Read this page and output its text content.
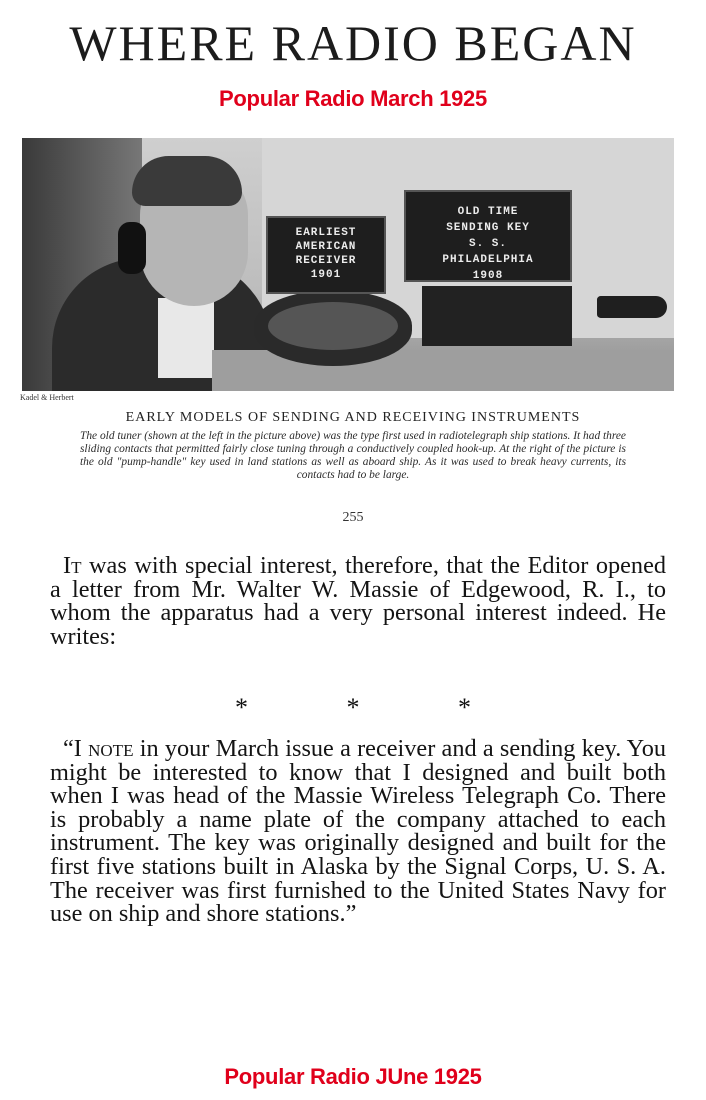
WHERE RADIO BEGAN
Popular Radio March 1925
EARLIEST
AMERICAN
RECEIVER
1901
OLD TIME
SENDING KEY
S. S.
PHILADELPHIA
1908
Kadel & Herbert
EARLY MODELS OF SENDING AND RECEIVING INSTRUMENTS
The old tuner (shown at the left in the picture above) was the type first used in radiotelegraph ship stations. It had three sliding contacts that permitted fairly close tuning through a conductively coupled hook-up. At the right of the picture is the old "pump-handle" key used in land stations as well as aboard ship. As it was used to break heavy currents, its contacts had to be large.
255

It was with special interest, therefore, that the Editor opened a letter from Mr. Walter W. Massie of Edgewood, R. I., to whom the apparatus had a very personal interest indeed. He writes:

* * *

“I note in your March issue a receiver and a sending key. You might be interested to know that I designed and built both when I was head of the Massie Wireless Telegraph Co. There is probably a name plate of the company attached to each instrument. The key was originally designed and built for the first five stations built in Alaska by the Signal Corps, U. S. A. The receiver was first furnished to the United States Navy for use on ship and shore stations.”

Popular Radio JUne 1925
